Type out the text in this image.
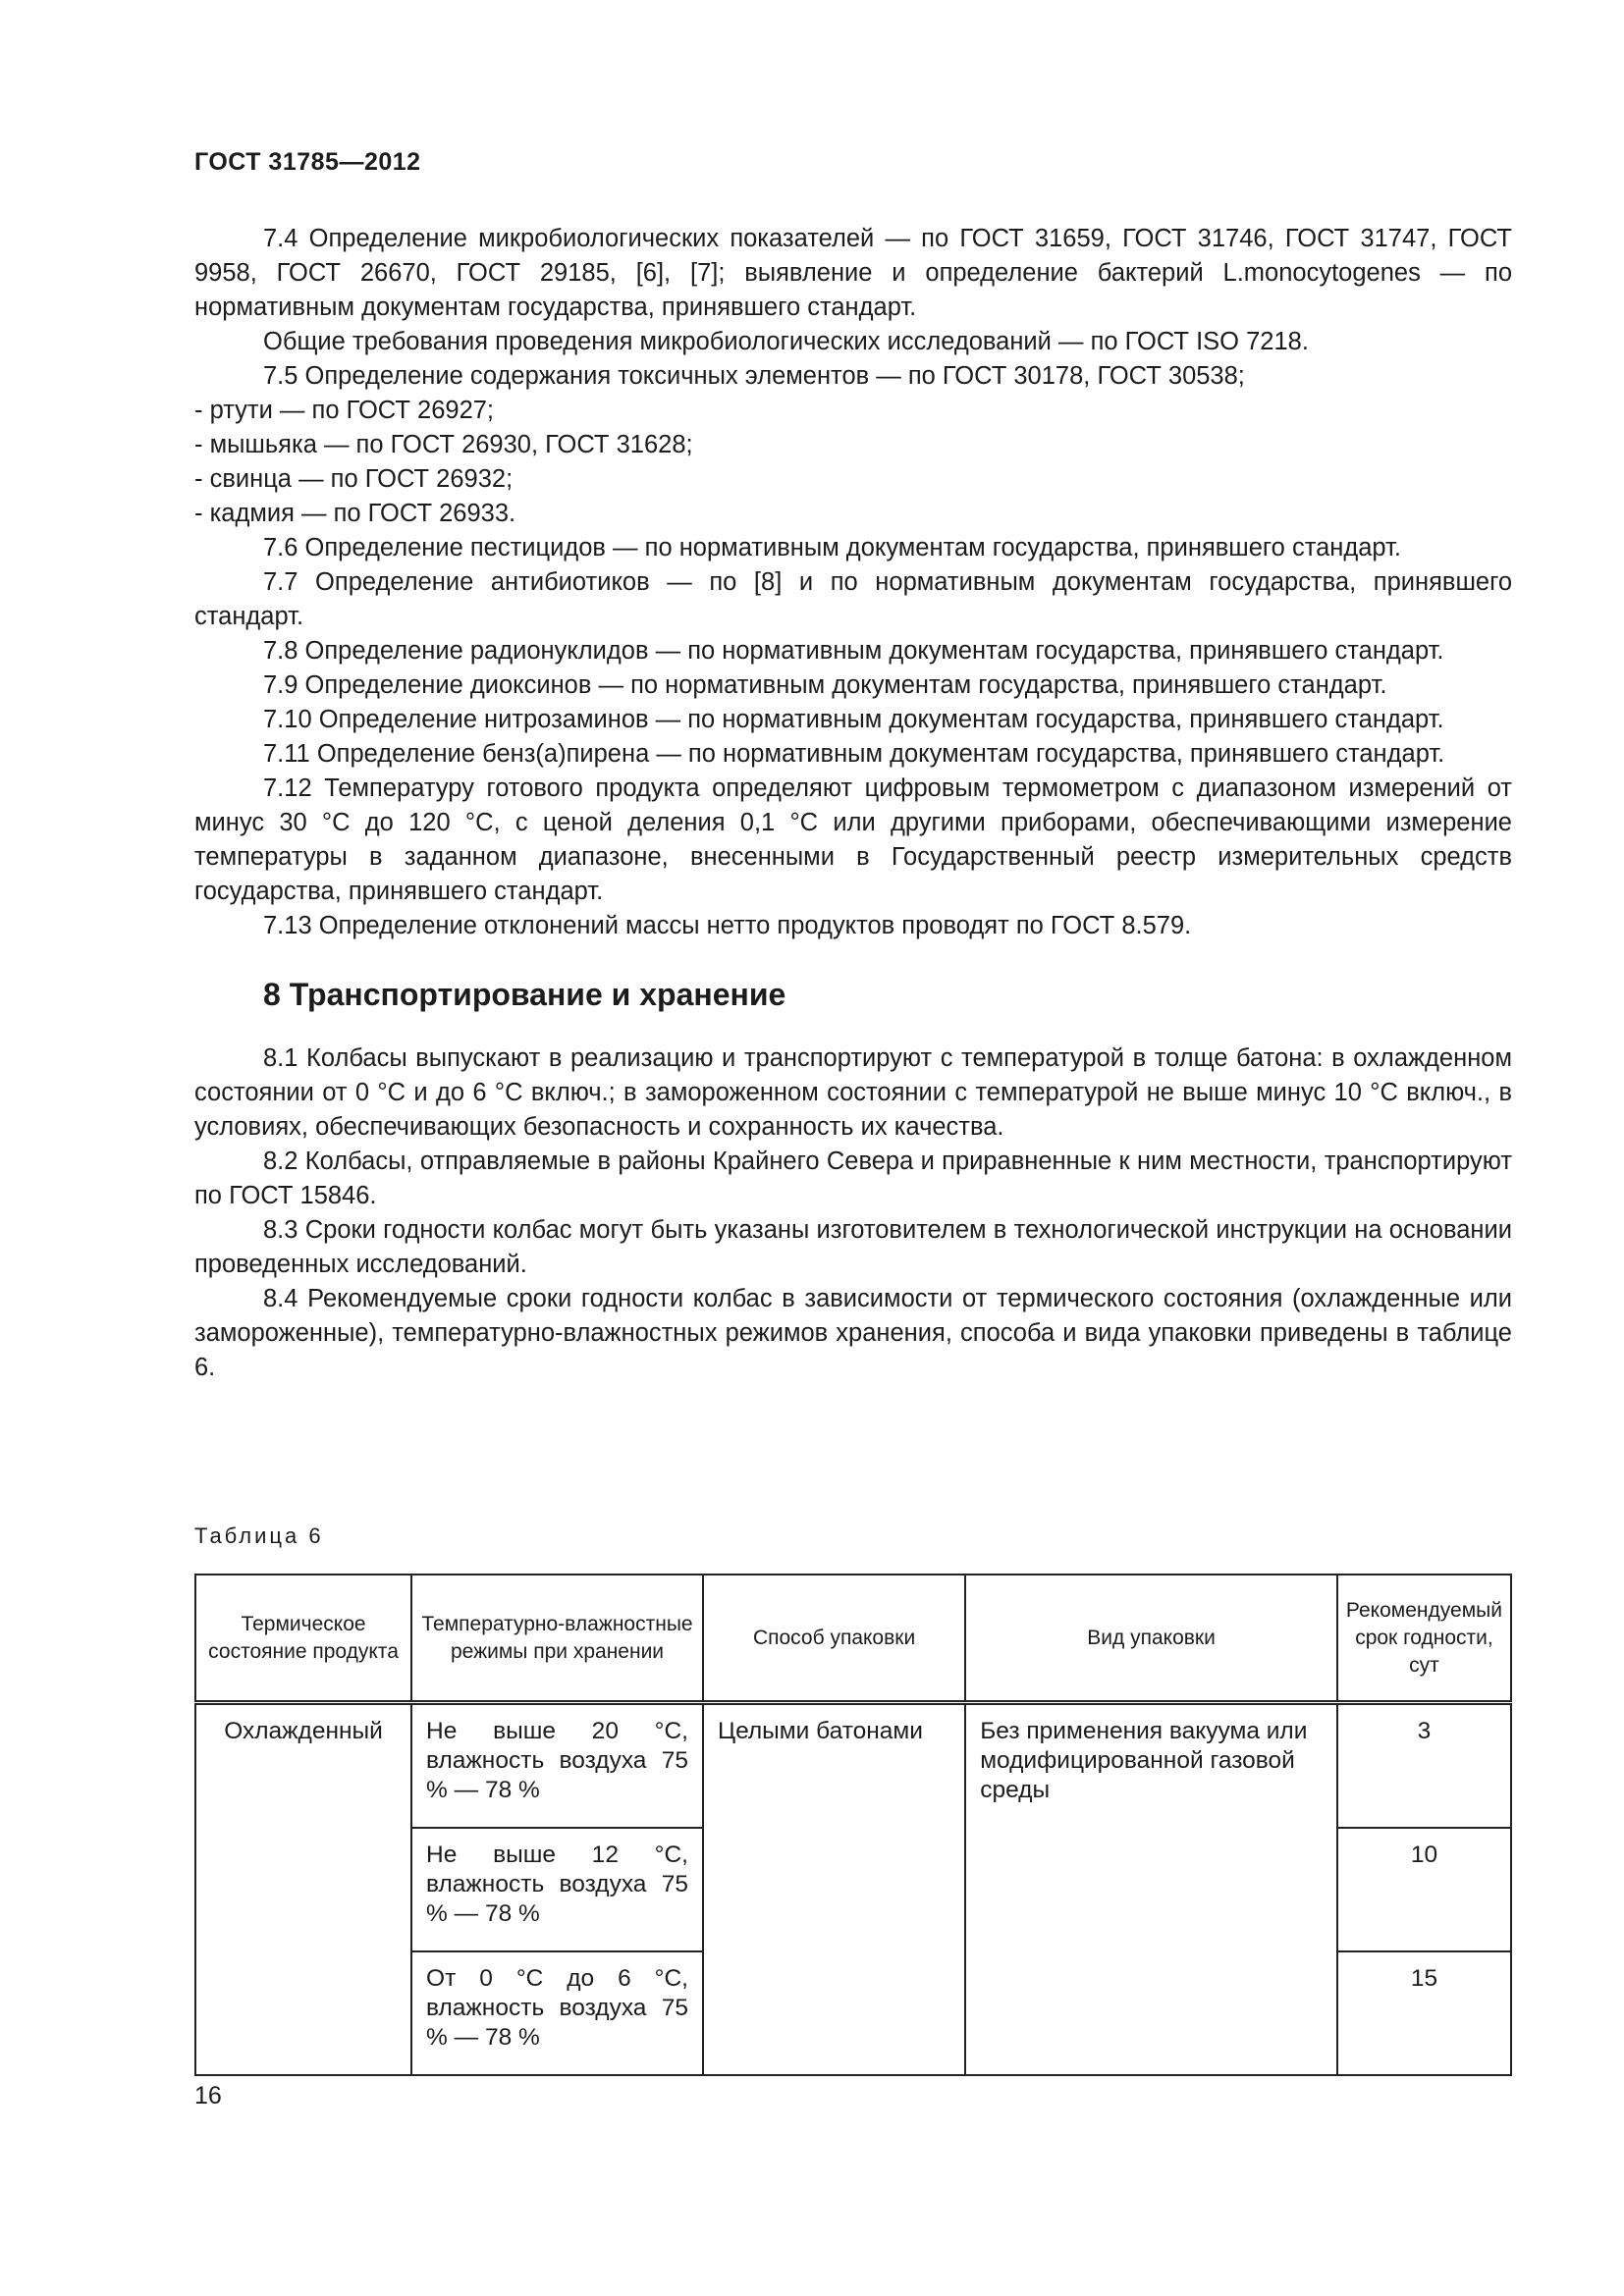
ГОСТ 31785—2012

7.4 Определение микробиологических показателей — по ГОСТ 31659, ГОСТ 31746, ГОСТ 31747, ГОСТ 9958, ГОСТ 26670, ГОСТ 29185, [6], [7]; выявление и определение бактерий L.monocytogenes — по нормативным документам государства, принявшего стандарт.

Общие требования проведения микробиологических исследований — по ГОСТ ISO 7218.

7.5 Определение содержания токсичных элементов — по ГОСТ 30178, ГОСТ 30538;

- ртути — по ГОСТ 26927;

- мышьяка — по ГОСТ 26930, ГОСТ 31628;

- свинца — по ГОСТ 26932;

- кадмия — по ГОСТ 26933.

7.6 Определение пестицидов — по нормативным документам государства, принявшего стандарт.

7.7 Определение антибиотиков — по [8] и по нормативным документам государства, принявшего стандарт.

7.8 Определение радионуклидов — по нормативным документам государства, принявшего стандарт.

7.9 Определение диоксинов — по нормативным документам государства, принявшего стандарт.

7.10 Определение нитрозаминов — по нормативным документам государства, принявшего стандарт.

7.11 Определение бенз(а)пирена — по нормативным документам государства, принявшего стандарт.

7.12 Температуру готового продукта определяют цифровым термометром с диапазоном измерений от минус 30 °С до 120 °С, с ценой деления 0,1 °С или другими приборами, обеспечивающими измерение температуры в заданном диапазоне, внесенными в Государственный реестр измерительных средств государства, принявшего стандарт.

7.13 Определение отклонений массы нетто продуктов проводят по ГОСТ 8.579.

8 Транспортирование и хранение

8.1 Колбасы выпускают в реализацию и транспортируют с температурой в толще батона: в охлажденном состоянии от 0 °С и до 6 °С включ.; в замороженном состоянии с температурой не выше минус 10 °С включ., в условиях, обеспечивающих безопасность и сохранность их качества.

8.2 Колбасы, отправляемые в районы Крайнего Севера и приравненные к ним местности, транспортируют по ГОСТ 15846.

8.3 Сроки годности колбас могут быть указаны изготовителем в технологической инструкции на основании проведенных исследований.

8.4 Рекомендуемые сроки годности колбас в зависимости от термического состояния (охлажденные или замороженные), температурно-влажностных режимов хранения, способа и вида упаковки приведены в таблице 6.

Таблица 6
Термическое состояние продукта	Температурно-влажностные режимы при хранении	Способ упаковки	Вид упаковки	Рекомендуемый срок годности, сут
Охлажденный	Не выше 20 °С, влажность воздуха 75 % — 78 %	Целыми батонами	Без применения вакуума или модифицированной газовой среды	3
	Не выше 12 °С, влажность воздуха 75 % — 78 %			10
	От 0 °С до 6 °С, влажность воздуха 75 % — 78 %			15
16
